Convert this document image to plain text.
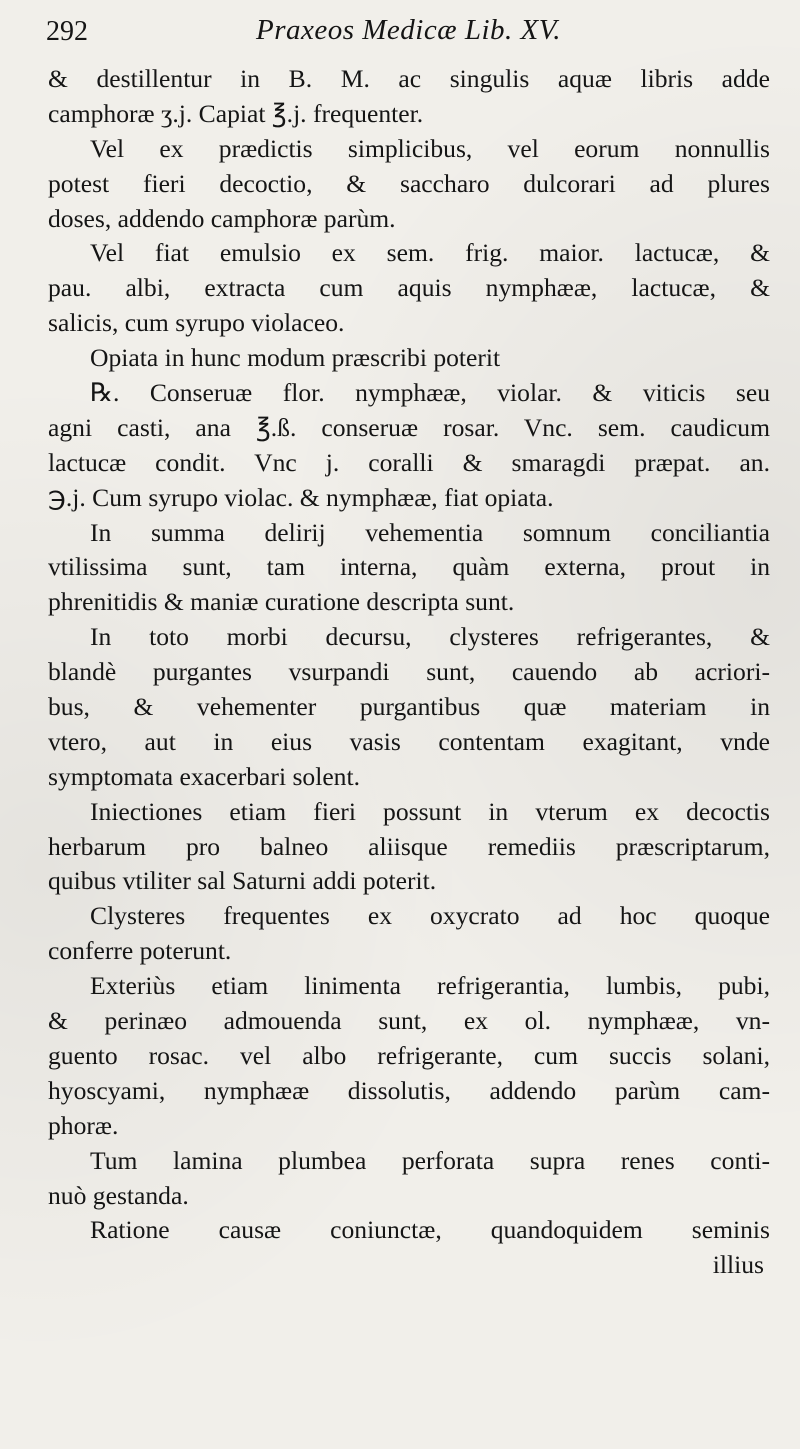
292	Praxeos Medicæ Lib. XV.
& destillentur in B. M. ac singulis aquæ libris adde
camphoræ ʒ.j. Capiat ℥.j. frequenter.
Vel ex prædictis simplicibus, vel eorum nonnullis
potest fieri decoctio, & saccharo dulcorari ad plures
doses, addendo camphoræ parùm.
Vel fiat emulsio ex sem. frig. maior. lactucæ, &
pau. albi, extracta cum aquis nymphææ, lactucæ, &
salicis, cum syrupo violaceo.
Opiata in hunc modum præscribi poterit
℞. Conseruæ flor. nymphææ, violar. & viticis seu
agni casti, ana ℥.ß. conseruæ rosar. Vnc. sem. caudicum
lactucæ condit. Vnc j. coralli & smaragdi præpat. an.
℈.j. Cum syrupo violac. & nymphææ, fiat opiata.
In summa delirij vehementia somnum conciliantia
vtilissima sunt, tam interna, quàm externa, prout in
phrenitidis & maniæ curatione descripta sunt.
In toto morbi decursu, clysteres refrigerantes, &
blandè purgantes vsurpandi sunt, cauendo ab acriori-
bus, & vehementer purgantibus quæ materiam in
vtero, aut in eius vasis contentam exagitant, vnde
symptomata exacerbari solent.
Iniectiones etiam fieri possunt in vterum ex decoctis
herbarum pro balneo aliisque remediis præscriptarum,
quibus vtiliter sal Saturni addi poterit.
Clysteres frequentes ex oxycrato ad hoc quoque
conferre poterunt.
Exteriùs etiam linimenta refrigerantia, lumbis, pubi,
& perinæo admouenda sunt, ex ol. nymphææ, vn-
guento rosac. vel albo refrigerante, cum succis solani,
hyoscyami, nymphææ dissolutis, addendo parùm cam-
phoræ.
Tum lamina plumbea perforata supra renes conti-
nuò gestanda.
Ratione causæ coniunctæ, quandoquidem seminis
illius
